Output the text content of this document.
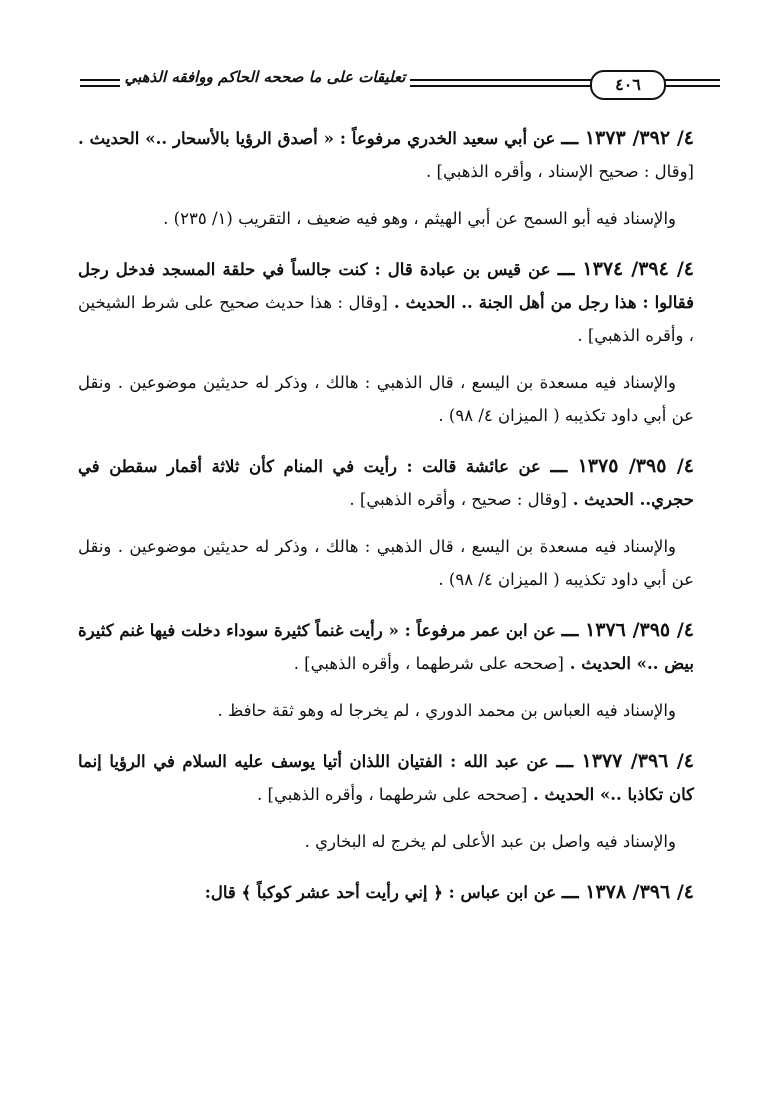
تعليقات على ما صححه الحاكم ووافقه الذهبي	٤٠٦

٤/ ٣٩٢/ ١٣٧٣ ـــ عن أبي سعيد الخدري مرفوعاً : « أصدق الرؤيا بالأسحار ..» الحديث . [وقال : صحيح الإسناد ، وأقره الذهبي] .

والإسناد فيه أبو السمح عن أبي الهيثم ، وهو فيه ضعيف ، التقريب (١/ ٢٣٥) .

٤/ ٣٩٤/ ١٣٧٤ ـــ عن قيس بن عبادة قال : كنت جالساً في حلقة المسجد فدخل رجل فقالوا : هذا رجل من أهل الجنة .. الحديث . [وقال : هذا حديث صحيح على شرط الشيخين ، وأقره الذهبي] .

والإسناد فيه مسعدة بن اليسع ، قال الذهبي : هالك ، وذكر له حديثين موضوعين . ونقل عن أبي داود تكذيبه ( الميزان ٤/ ٩٨) .

٤/ ٣٩٥/ ١٣٧٥ ـــ عن عائشة قالت : رأيت في المنام كأن ثلاثة أقمار سقطن في حجري.. الحديث . [وقال : صحيح ، وأقره الذهبي] .

والإسناد فيه مسعدة بن اليسع ، قال الذهبي : هالك ، وذكر له حديثين موضوعين . ونقل عن أبي داود تكذيبه ( الميزان ٤/ ٩٨) .

٤/ ٣٩٥/ ١٣٧٦ ـــ عن ابن عمر مرفوعاً : « رأيت غنماً كثيرة سوداء دخلت فيها غنم كثيرة بيض ..» الحديث . [صححه على شرطهما ، وأقره الذهبي] .

والإسناد فيه العباس بن محمد الدوري ، لم يخرجا له وهو ثقة حافظ .

٤/ ٣٩٦/ ١٣٧٧ ـــ عن عبد الله : الفتيان اللذان أتيا يوسف عليه السلام في الرؤيا إنما كان تكاذبا ..» الحديث . [صححه على شرطهما ، وأقره الذهبي] .

والإسناد فيه واصل بن عبد الأعلى لم يخرج له البخاري .

٤/ ٣٩٦/ ١٣٧٨ ـــ عن ابن عباس : ﴿ إني رأيت أحد عشر كوكباً ﴾ قال:
